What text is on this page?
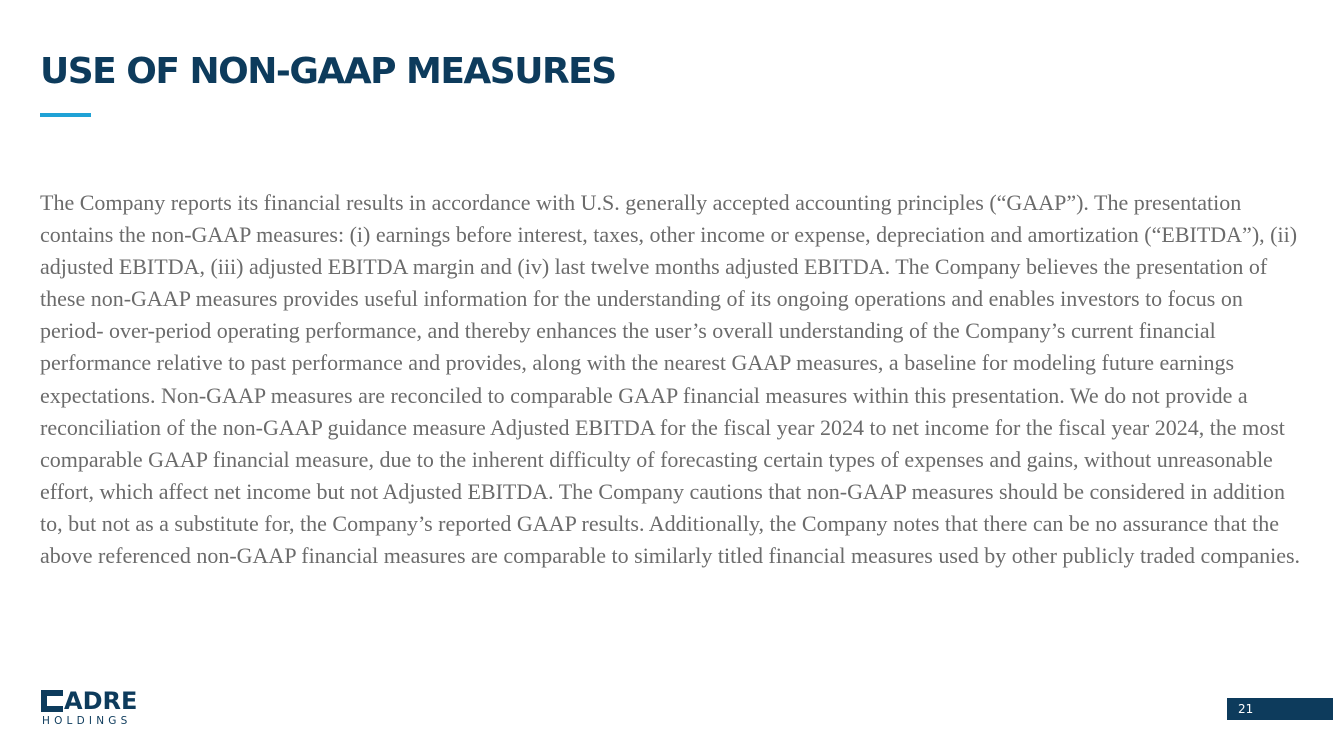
USE OF NON-GAAP MEASURES

The Company reports its financial results in accordance with U.S. generally accepted accounting principles (“GAAP”). The presentation contains the non-GAAP measures: (i) earnings before interest, taxes, other income or expense, depreciation and amortization (“EBITDA”), (ii) adjusted EBITDA, (iii) adjusted EBITDA margin and (iv) last twelve months adjusted EBITDA. The Company believes the presentation of these non-GAAP measures provides useful information for the understanding of its ongoing operations and enables investors to focus on period- over-period operating performance, and thereby enhances the user’s overall understanding of the Company’s current financial performance relative to past performance and provides, along with the nearest GAAP measures, a baseline for modeling future earnings expectations. Non-GAAP measures are reconciled to comparable GAAP financial measures within this presentation. We do not provide a reconciliation of the non-GAAP guidance measure Adjusted EBITDA for the fiscal year 2024 to net income for the fiscal year 2024, the most comparable GAAP financial measure, due to the inherent difficulty of forecasting certain types of expenses and gains, without unreasonable effort, which affect net income but not Adjusted EBITDA. The Company cautions that non-GAAP measures should be considered in addition to, but not as a substitute for, the Company’s reported GAAP results. Additionally, the Company notes that there can be no assurance that the above referenced non-GAAP financial measures are comparable to similarly titled financial measures used by other publicly traded companies.

ADRE
HOLDINGS
21
